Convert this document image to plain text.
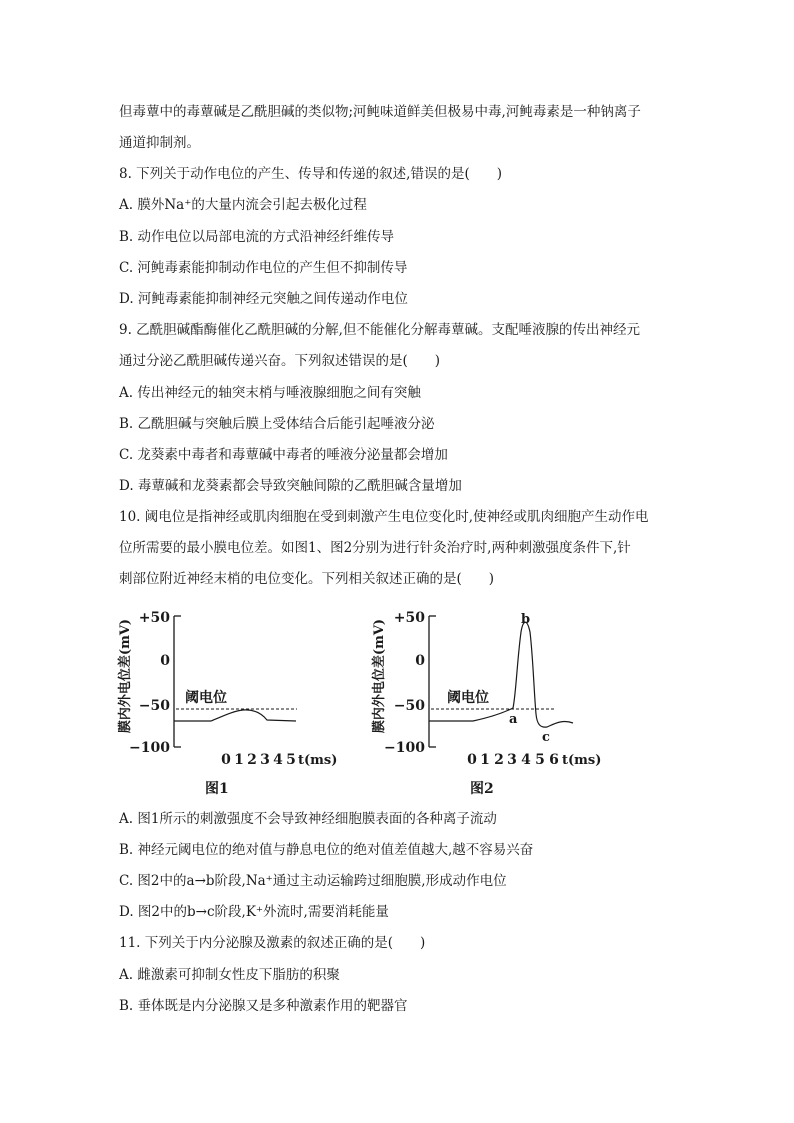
但毒蕈中的毒蕈碱是乙酰胆碱的类似物;河鲀味道鲜美但极易中毒,河鲀毒素是一种钠离子
通道抑制剂。
8. 下列关于动作电位的产生、传导和传递的叙述,错误的是(　　)
A. 膜外Na⁺的大量内流会引起去极化过程
B. 动作电位以局部电流的方式沿神经纤维传导
C. 河鲀毒素能抑制动作电位的产生但不抑制传导
D. 河鲀毒素能抑制神经元突触之间传递动作电位
9. 乙酰胆碱酯酶催化乙酰胆碱的分解,但不能催化分解毒蕈碱。支配唾液腺的传出神经元
通过分泌乙酰胆碱传递兴奋。下列叙述错误的是(　　)
A. 传出神经元的轴突末梢与唾液腺细胞之间有突触
B. 乙酰胆碱与突触后膜上受体结合后能引起唾液分泌
C. 龙葵素中毒者和毒蕈碱中毒者的唾液分泌量都会增加
D. 毒蕈碱和龙葵素都会导致突触间隙的乙酰胆碱含量增加
10. 阈电位是指神经或肌肉细胞在受到刺激产生电位变化时,使神经或肌肉细胞产生动作电
位所需要的最小膜电位差。如图1、图2分别为进行针灸治疗时,两种刺激强度条件下,针
刺部位附近神经末梢的电位变化。下列相关叙述正确的是(　　)
膜内外电位差(mV)
+50
0
−50
−100
阈电位
0 1 2 3 4 5 t(ms)
图1
膜内外电位差(mV)
+50
0
−50
−100
阈电位
a
b
c
0 1 2 3 4 5 6 t(ms)
图2
A. 图1所示的刺激强度不会导致神经细胞膜表面的各种离子流动
B. 神经元阈电位的绝对值与静息电位的绝对值差值越大,越不容易兴奋
C. 图2中的a→b阶段,Na⁺通过主动运输跨过细胞膜,形成动作电位
D. 图2中的b→c阶段,K⁺外流时,需要消耗能量
11. 下列关于内分泌腺及激素的叙述正确的是(　　)
A. 雌激素可抑制女性皮下脂肪的积聚
B. 垂体既是内分泌腺又是多种激素作用的靶器官
